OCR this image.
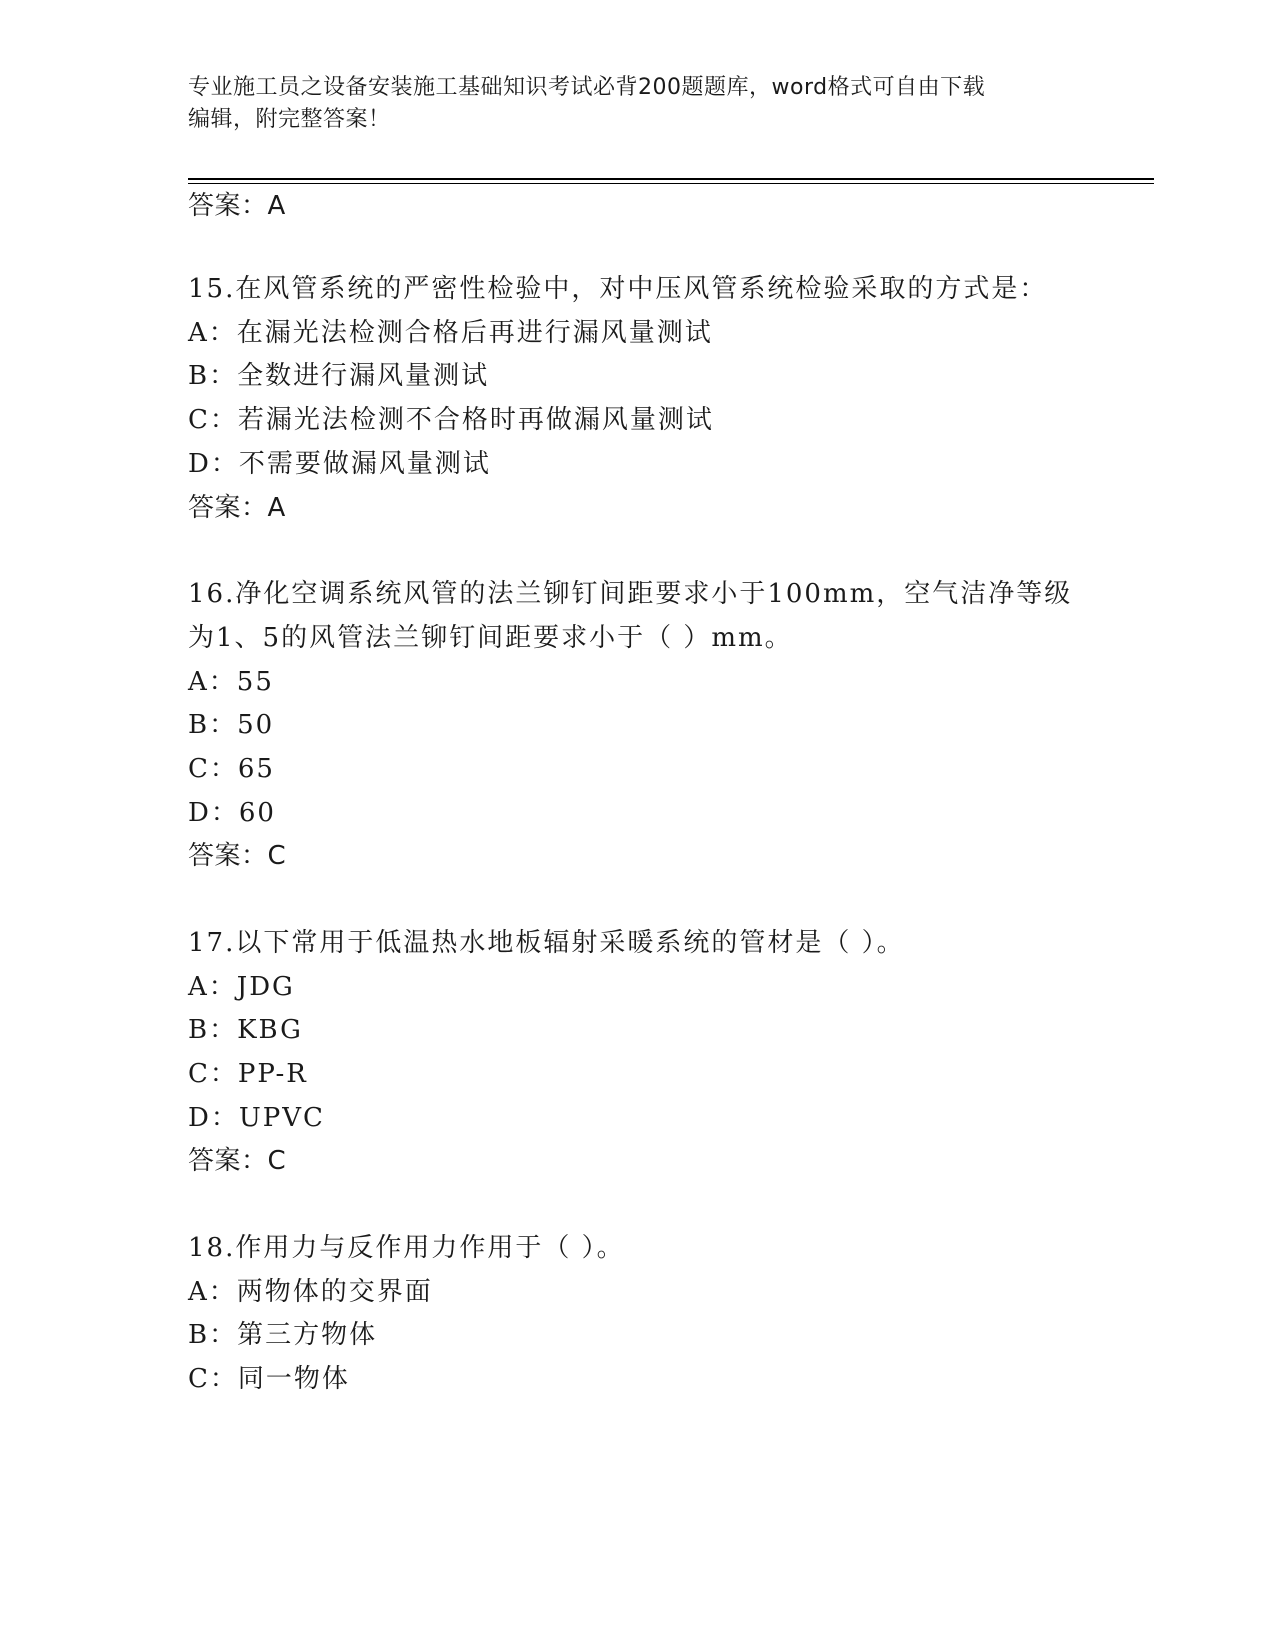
专业施工员之设备安装施工基础知识考试必背200题题库，word格式可自由下载
编辑，附完整答案！
答案：A
15.在风管系统的严密性检验中，对中压风管系统检验采取的方式是：
A：在漏光法检测合格后再进行漏风量测试
B：全数进行漏风量测试
C：若漏光法检测不合格时再做漏风量测试
D：不需要做漏风量测试
答案：A
16.净化空调系统风管的法兰铆钉间距要求小于100mm，空气洁净等级
为1、5的风管法兰铆钉间距要求小于（ ）mm。
A：55
B：50
C：65
D：60
答案：C
17.以下常用于低温热水地板辐射采暖系统的管材是（ ）。
A：JDG
B：KBG
C：PP-R
D：UPVC
答案：C
18.作用力与反作用力作用于（ ）。
A：两物体的交界面
B：第三方物体
C：同一物体
